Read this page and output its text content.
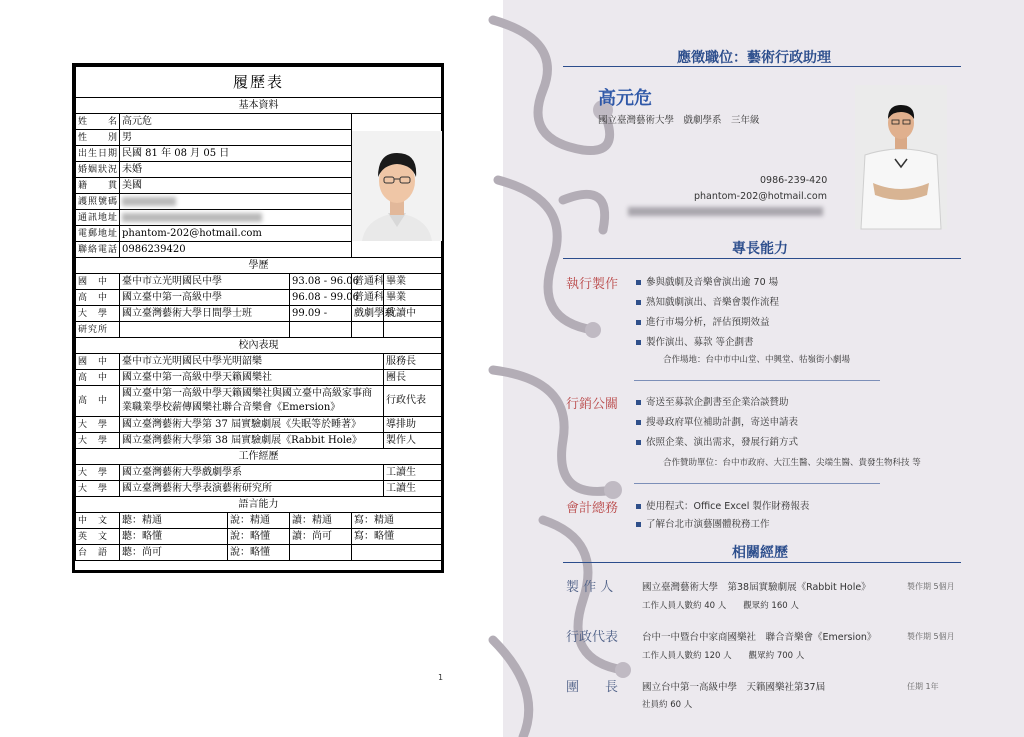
履歷表					
基本資料					
姓　　名	高元危	

性　　別	男				
出生日期	民國 81 年 08 月 05 日				
婚姻狀況	未婚				
籍　　貫	美國				
護照號碼					
通訊地址					
電郵地址	phantom-202@hotmail.com				
聯絡電話	0986239420				
學歷					
國　中	臺中市立光明國民中學		93.08 - 96.06	普通科	畢業
高　中	國立臺中第一高級中學		96.08 - 99.06	普通科	畢業
大　學	國立臺灣藝術大學日間學士班		99.09 -	戲劇學系	就讀中
研究所					
校內表現					
國　中	臺中市立光明國民中學光明韶樂				服務長
高　中	國立臺中第一高級中學天籟國樂社				團長
高　中	國立臺中第一高級中學天籟國樂社與國立臺中高級家事商
業職業學校薪傳國樂社聯合音樂會《Emersion》				行政代表
大　學	國立臺灣藝術大學第 37 屆實驗劇展《失眠等於睡著》				導排助
大　學	國立臺灣藝術大學第 38 屆實驗劇展《Rabbit Hole》				製作人
工作經歷					
大　學	國立臺灣藝術大學戲劇學系				工讀生
大　學	國立臺灣藝術大學表演藝術研究所				工讀生
語言能力					
中　文	聽：精通	說：精通	讀：精通	寫：精通	
英　文	聽：略懂	說：略懂	讀：尚可	寫：略懂	
台　語	聽：尚可	說：略懂			
1
應徵職位：藝術行政助理
高元危
國立臺灣藝術大學　戲劇學系　三年級
0986-239-420
phantom-202@hotmail.com
專長能力
執行製作	參與戲劇及音樂會演出逾 70 場
熟知戲劇演出、音樂會製作流程
進行市場分析，評估預期效益
製作演出、募款 等企劃書
合作場地：台中市中山堂、中興堂、牯嶺街小劇場
行銷公關	寄送至募款企劃書至企業洽談贊助
搜尋政府單位補助計劃，寄送申請表
依照企業、演出需求，發展行銷方式
合作贊助單位：台中市政府、大江生醫、尖端生醫、貴發生物科技 等
會計總務	使用程式：Office Excel 製作財務報表
了解台北市演藝團體稅務工作
相關經歷
製 作 人	國立臺灣藝術大學　第38屆實驗劇展《Rabbit Hole》	製作期 5個月
工作人員人數約 40 人　　觀眾約 160 人
行政代表	台中一中暨台中家商國樂社　聯合音樂會《Emersion》	製作期 5個月
工作人員人數約 120 人　　觀眾約 700 人
團　　長	國立台中第一高級中學　天籟國樂社第37屆	任期 1年
社員約 60 人
